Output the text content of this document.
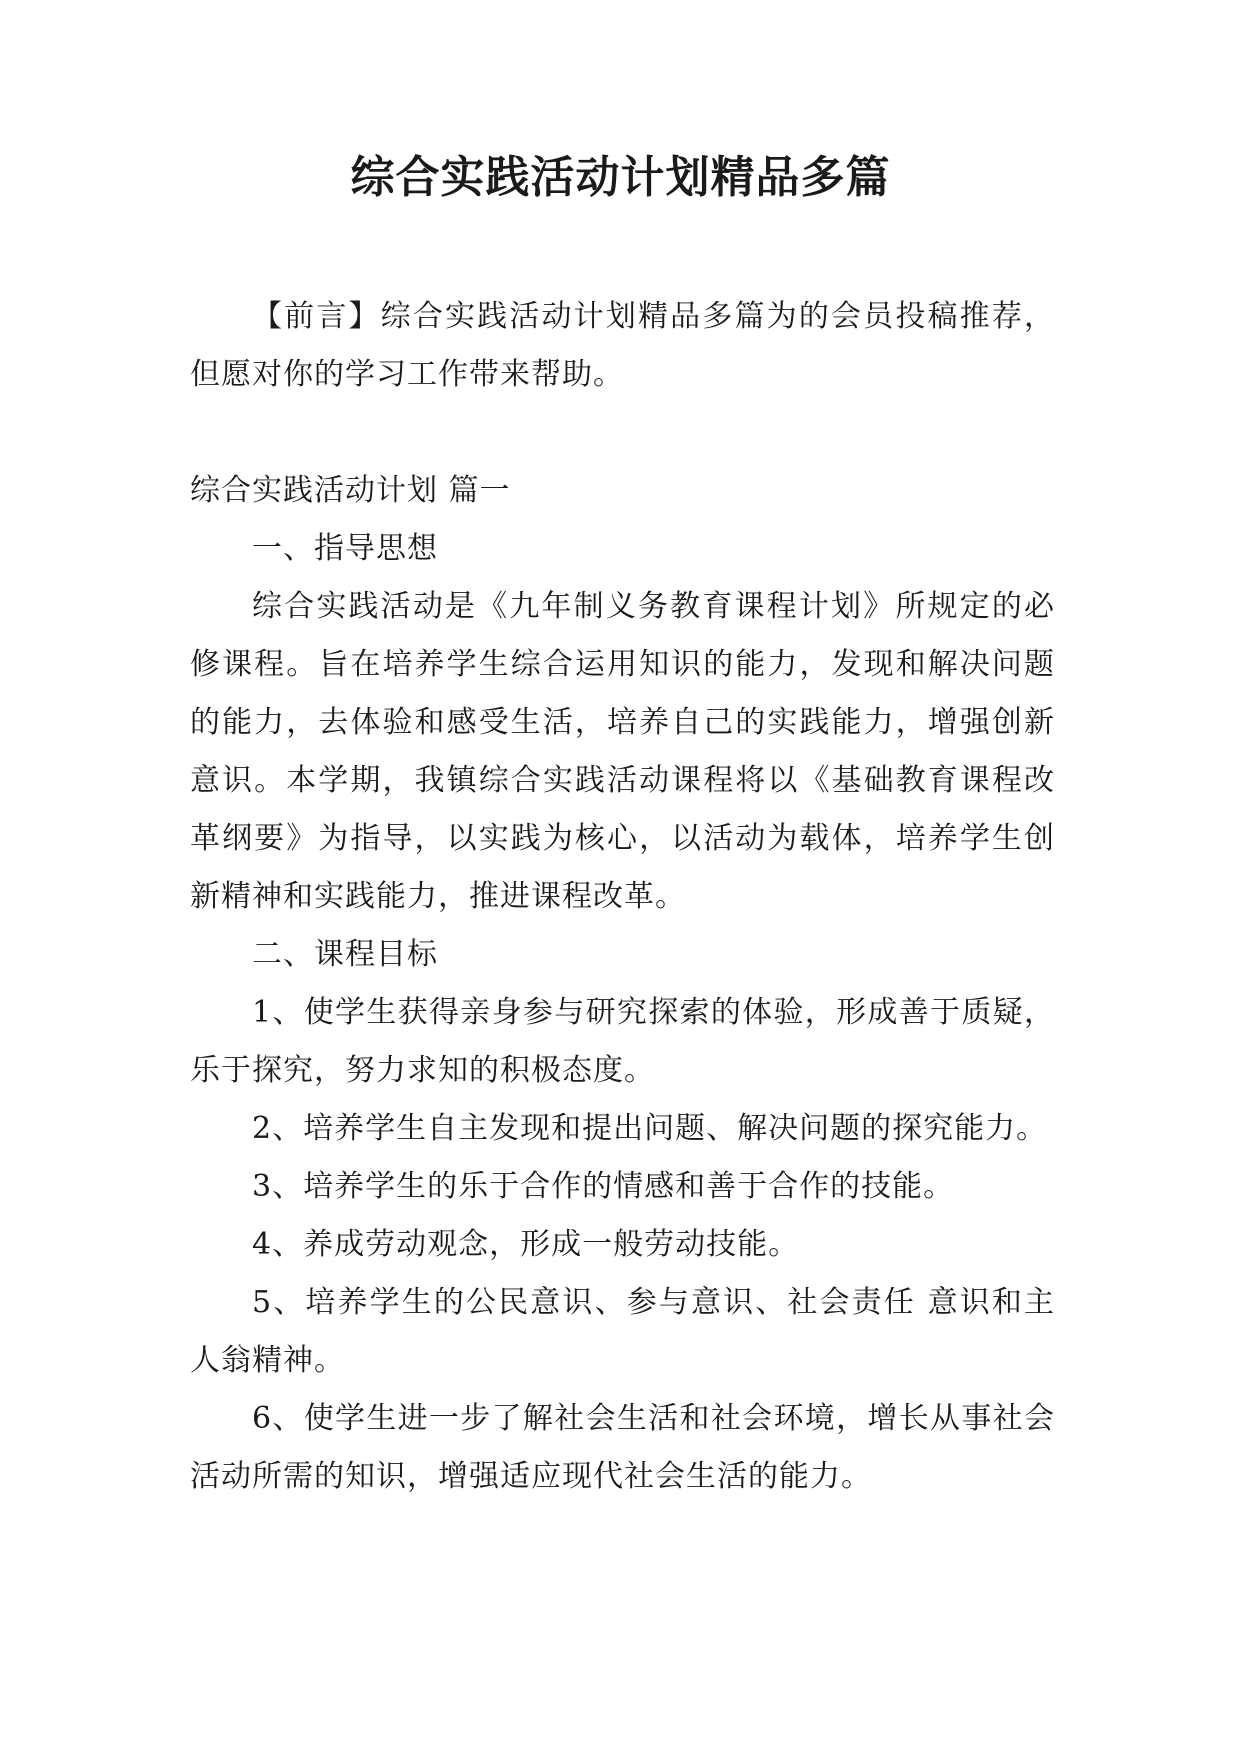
综合实践活动计划精品多篇

【前言】综合实践活动计划精品多篇为的会员投稿推荐，但愿对你的学习工作带来帮助。

综合实践活动计划 篇一

一、指导思想

综合实践活动是《九年制义务教育课程计划》所规定的必修课程。旨在培养学生综合运用知识的能力，发现和解决问题的能力，去体验和感受生活，培养自己的实践能力，增强创新意识。本学期，我镇综合实践活动课程将以《基础教育课程改革纲要》为指导，以实践为核心，以活动为载体，培养学生创新精神和实践能力，推进课程改革。

二、课程目标

1、使学生获得亲身参与研究探索的体验，形成善于质疑，乐于探究，努力求知的积极态度。

2、培养学生自主发现和提出问题、解决问题的探究能力。

3、培养学生的乐于合作的情感和善于合作的技能。

4、养成劳动观念，形成一般劳动技能。

5、培养学生的公民意识、参与意识、社会责任 意识和主人翁精神。

6、使学生进一步了解社会生活和社会环境，增长从事社会活动所需的知识，增强适应现代社会生活的能力。
